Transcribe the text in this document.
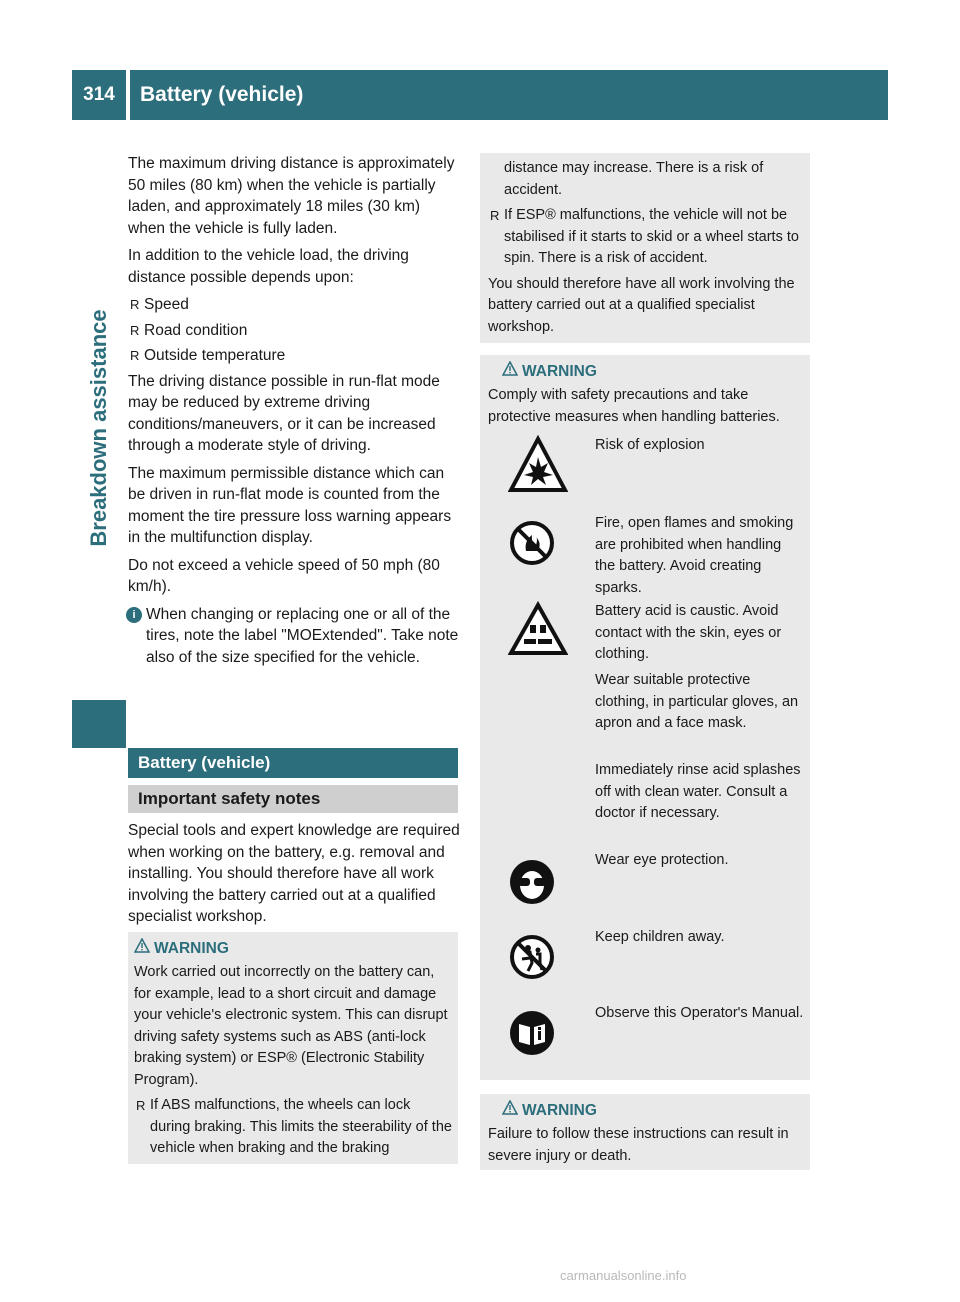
314	Battery (vehicle)
Breakdown assistance

The maximum driving distance is approximately 50 miles (80 km) when the vehicle is partially laden, and approximately 18 miles (30 km) when the vehicle is fully laden.

In addition to the vehicle load, the driving distance possible depends upon:

R Speed
R Road condition
R Outside temperature

The driving distance possible in run-flat mode may be reduced by extreme driving conditions/maneuvers, or it can be increased through a moderate style of driving.

The maximum permissible distance which can be driven in run-flat mode is counted from the moment the tire pressure loss warning appears in the multifunction display.

Do not exceed a vehicle speed of 50 mph (80 km/h).

i When changing or replacing one or all of the tires, note the label "MOExtended". Take note also of the size specified for the vehicle.
Battery (vehicle)
Important safety notes

Special tools and expert knowledge are required when working on the battery, e.g. removal and installing. You should therefore have all work involving the battery carried out at a qualified specialist workshop.

WARNING

Work carried out incorrectly on the battery can, for example, lead to a short circuit and damage your vehicle's electronic system. This can disrupt driving safety systems such as ABS (anti-lock braking system) or ESP® (Electronic Stability Program).

R If ABS malfunctions, the wheels can lock during braking. This limits the steerability of the vehicle when braking and the braking

distance may increase. There is a risk of accident.

R If ESP® malfunctions, the vehicle will not be stabilised if it starts to skid or a wheel starts to spin. There is a risk of accident.

You should therefore have all work involving the battery carried out at a qualified specialist workshop.

WARNING

Comply with safety precautions and take protective measures when handling batteries.

Risk of explosion
Fire, open flames and smoking are prohibited when handling the battery. Avoid creating sparks.
Battery acid is caustic. Avoid contact with the skin, eyes or clothing.
Wear suitable protective clothing, in particular gloves, an apron and a face mask.
Immediately rinse acid splashes off with clean water. Consult a doctor if necessary.
Wear eye protection.
Keep children away.
Observe this Operator's Manual.
WARNING

Failure to follow these instructions can result in severe injury or death.

carmanualsonline.info
